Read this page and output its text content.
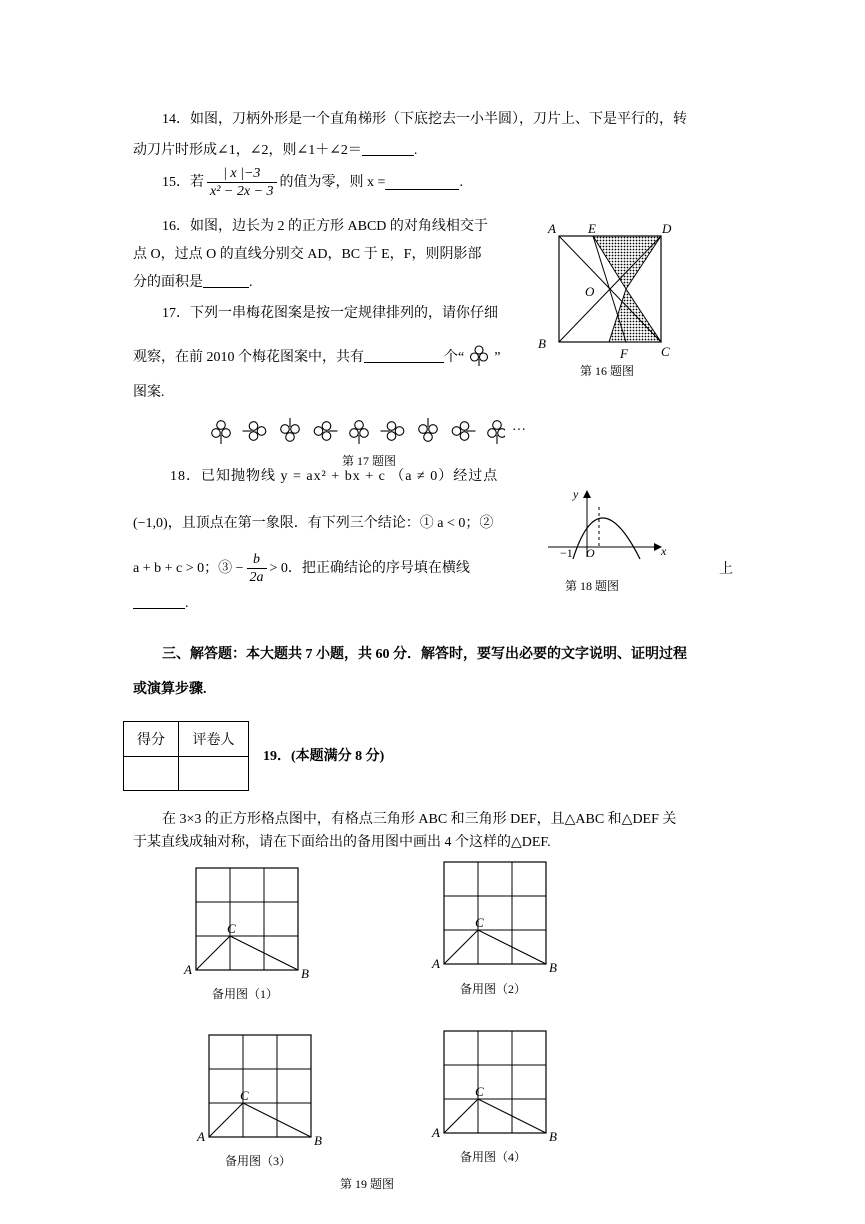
14．如图，刀柄外形是一个直角梯形（下底挖去一小半圆），刀片上、下是平行的，转
动刀片时形成∠1，∠2，则∠1＋∠2＝	.
15．若 $\frac{| x |-3}{\text{x² − 2x − 3}}$ 的值为零，则 x =	.
16．如图，边长为 2 的正方形 ABCD 的对角线相交于
点 O，过点 O 的直线分别交 AD，BC 于 E，F，则阴影部
分的面积是	.
A E	D
O
B
F	C
第 16 题图
17．下列一串梅花图案是按一定规律排列的，请你仔细
观察，在前 2010 个梅花图案中，共有	个“ ”
图案.
···
第 17 题图
18．已知抛物线 y = ax² + bx + c （a ≠ 0）经过点
(−1,0)，且顶点在第一象限．有下列三个结论：① a < 0；②
a + b + c > 0；③ − $\frac{b}{2a} > 0$．把正确结论的序号填在横线	上
.
x
y
−1 O
第 18 题图
三、解答题：本大题共 7 小题，共 60 分．解答时，要写出必要的文字说明、证明过程
或演算步骤.
得分	评卷人

19．(本题满分 8 分)
在 3×3 的正方形格点图中，有格点三角形 ABC 和三角形 DEF，且△ABC 和△DEF 关
于某直线成轴对称，请在下面给出的备用图中画出 4 个这样的△DEF.
A	B
C
备用图（1）
A	B
C
备用图（2）
A	B
C
备用图（3）
A	B
C
备用图（4）
第 19 题图
